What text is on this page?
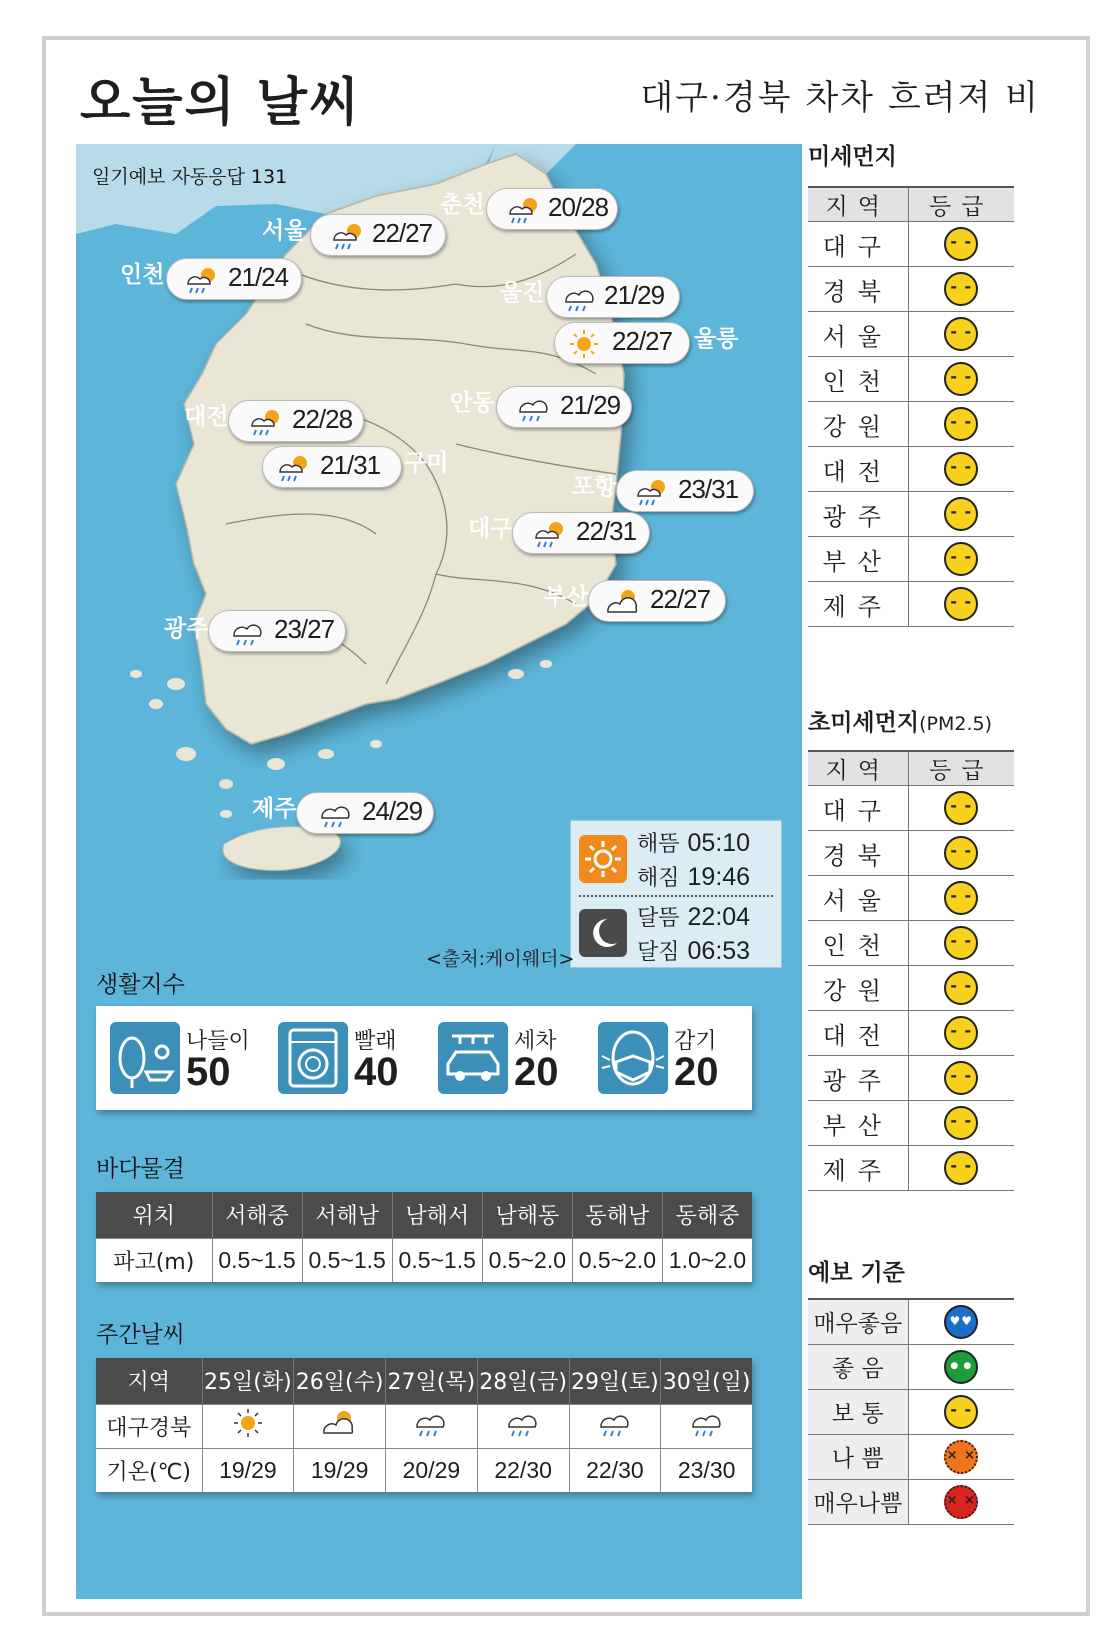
오늘의 날씨	대구·경북 차차 흐려져 비
일기예보 자동응답 131
춘천 20/28
서울	22/27
인천 21/24
울진 21/29
울릉
22/27
안동	21/29
대전 22/28
구미
21/31
포항 23/31
대구 22/31
부산 22/27
광주	23/27
제주	24/29
해뜸 05:10
해짐 19:46
달뜸 22:04
달짐 06:53
<출처:케이웨더>
생활지수
나들이
50
빨래
40
세차
20
감기
20
바다물결
위치	서해중	서해남	남해서	남해동	동해남	동해중
파고(m)	0.5~1.5	0.5~1.5	0.5~1.5	0.5~2.0	0.5~2.0	1.0~2.0
주간날씨
지역	25일(화)	26일(수)	27일(목)	28일(금)	29일(토)	30일(일)
대구경북						
기온(℃)	19/29	19/29	20/29	22/30	22/30	23/30
미세먼지
지역	등급
대구	- -
경북	- -
서울	- -
인천	- -
강원	- -
대전	- -
광주	- -
부산	- -
제주	- -
초미세먼지(PM2.5)
지역	등급
대구	- -
경북	- -
서울	- -
인천	- -
강원	- -
대전	- -
광주	- -
부산	- -
제주	- -
예보 기준
매우좋음	♥♥
좋 음	● ●
보 통	- -
나 쁨	× ×
매우나쁨	× ×
